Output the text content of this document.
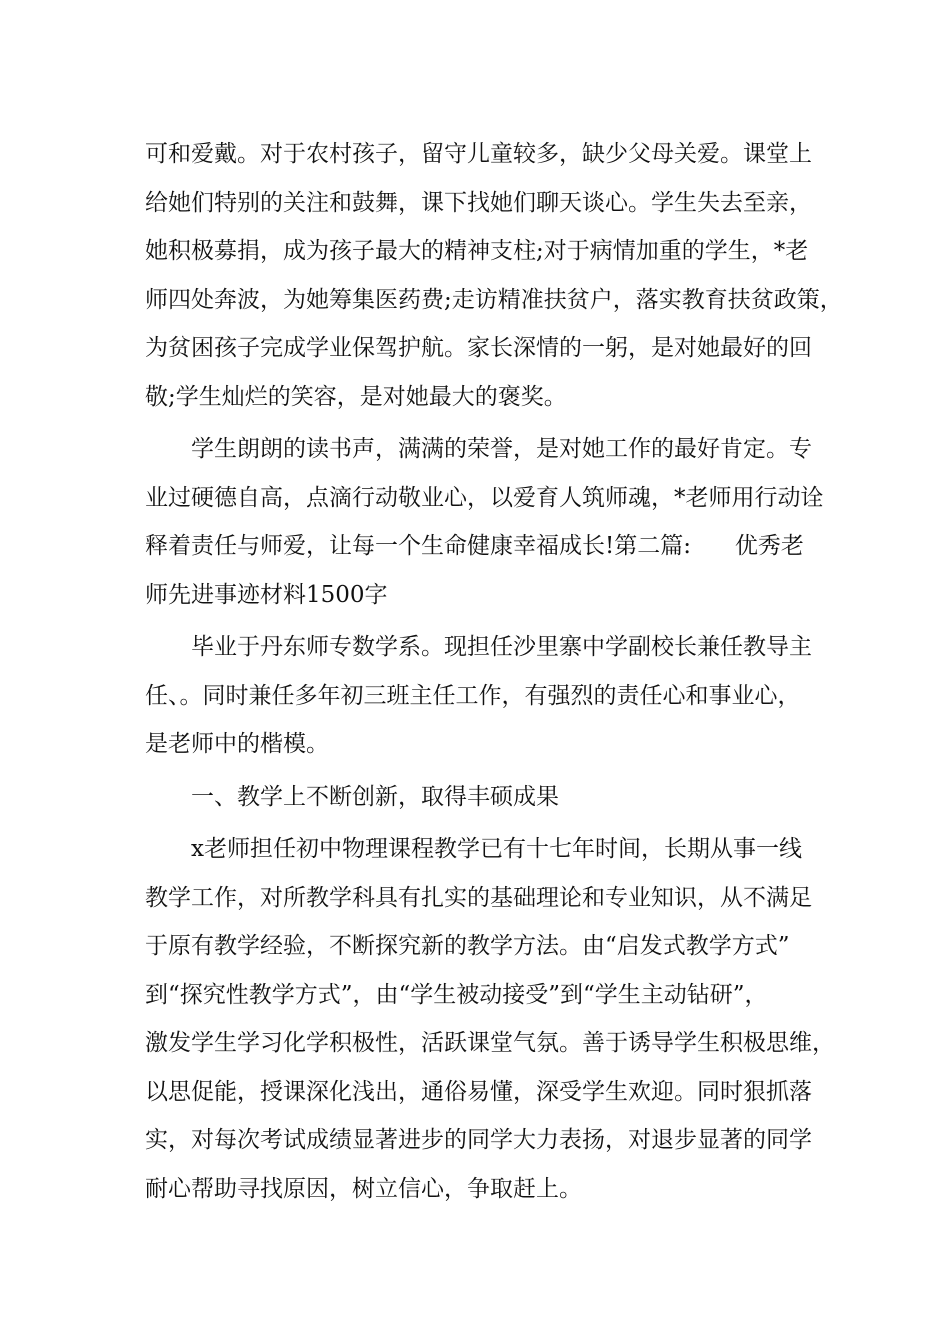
可和爱戴。对于农村孩子，留守儿童较多，缺少父母关爱。课堂上
给她们特别的关注和鼓舞，课下找她们聊天谈心。学生失去至亲，
她积极募捐，成为孩子最大的精神支柱;对于病情加重的学生，*老
师四处奔波，为她筹集医药费;走访精准扶贫户，落实教育扶贫政策，
为贫困孩子完成学业保驾护航。家长深情的一躬，是对她最好的回
敬;学生灿烂的笑容，是对她最大的褒奖。
学生朗朗的读书声，满满的荣誉，是对她工作的最好肯定。专
业过硬德自高，点滴行动敬业心，以爱育人筑师魂，*老师用行动诠
释着责任与师爱，让每一个生命健康幸福成长!第二篇:      优秀老
师先进事迹材料1500字
毕业于丹东师专数学系。现担任沙里寨中学副校长兼任教导主
任、。同时兼任多年初三班主任工作，有强烈的责任心和事业心，
是老师中的楷模。
一、教学上不断创新，取得丰硕成果
x老师担任初中物理课程教学已有十七年时间，长期从事一线
教学工作，对所教学科具有扎实的基础理论和专业知识，从不满足
于原有教学经验，不断探究新的教学方法。由“启发式教学方式”
到“探究性教学方式”，由“学生被动接受”到“学生主动钻研”，
激发学生学习化学积极性，活跃课堂气氛。善于诱导学生积极思维，
以思促能，授课深化浅出，通俗易懂，深受学生欢迎。同时狠抓落
实，对每次考试成绩显著进步的同学大力表扬，对退步显著的同学
耐心帮助寻找原因，树立信心，争取赶上。
